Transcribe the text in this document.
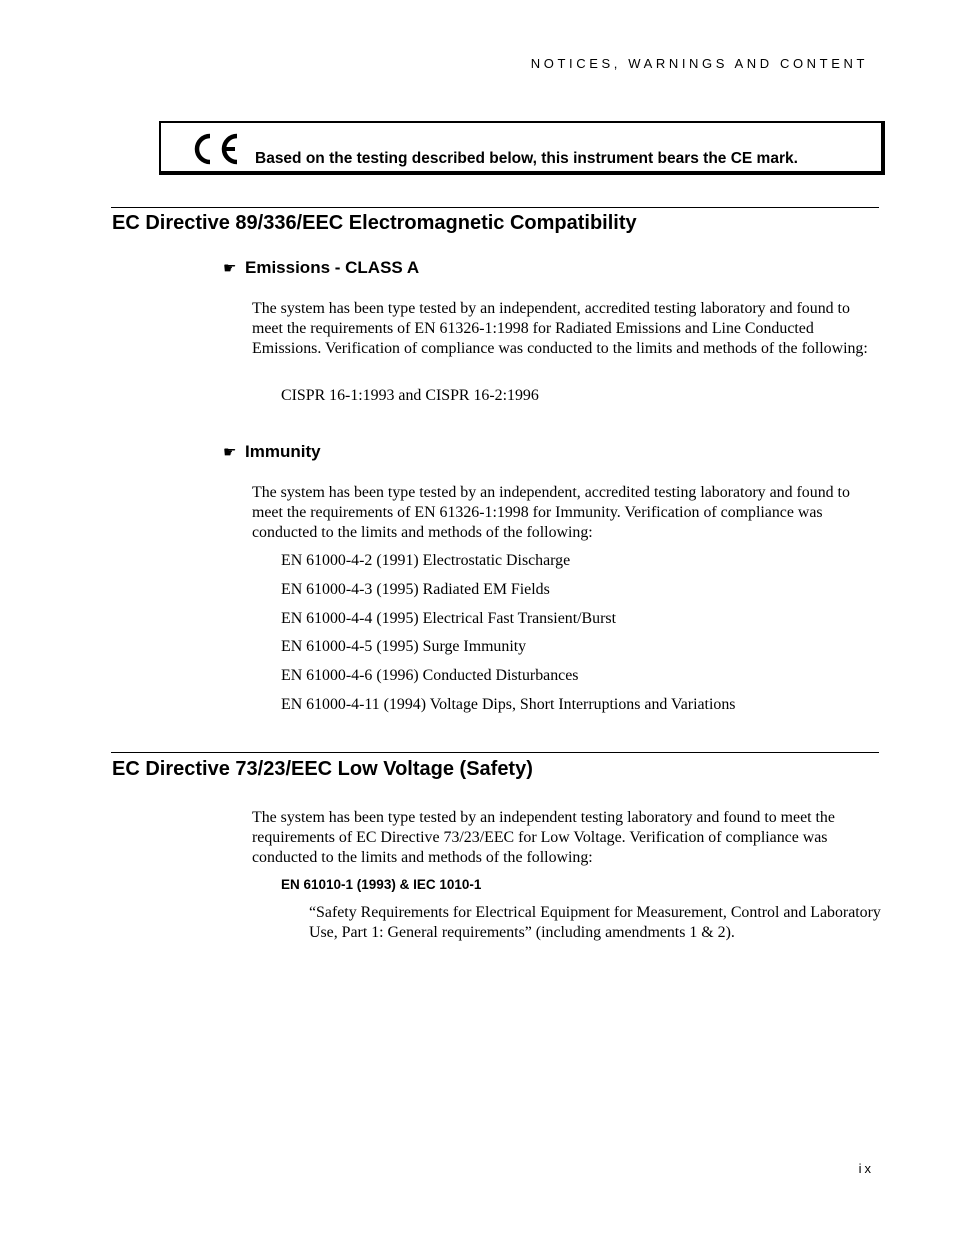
NOTICES, WARNINGS AND CONTENT
Based on the testing described below, this instrument bears the CE mark.
EC Directive 89/336/EEC Electromagnetic Compatibility
☛ Emissions - CLASS A

The system has been type tested by an independent, accredited testing laboratory and found to meet the requirements of EN 61326-1:1998 for Radiated Emissions and Line Conducted Emissions. Verification of compliance was conducted to the limits and methods of the following:

CISPR 16-1:1993 and CISPR 16-2:1996

☛ Immunity

The system has been type tested by an independent, accredited testing laboratory and found to meet the requirements of EN 61326-1:1998 for Immunity. Verification of compliance was conducted to the limits and methods of the following:

EN 61000-4-2 (1991) Electrostatic Discharge
EN 61000-4-3 (1995) Radiated EM Fields
EN 61000-4-4 (1995) Electrical Fast Transient/Burst
EN 61000-4-5 (1995) Surge Immunity
EN 61000-4-6 (1996) Conducted Disturbances
EN 61000-4-11 (1994) Voltage Dips, Short Interruptions and Variations
EC Directive 73/23/EEC Low Voltage (Safety)

The system has been type tested by an independent testing laboratory and found to meet the requirements of EC Directive 73/23/EEC for Low Voltage. Verification of compliance was conducted to the limits and methods of the following:

EN 61010-1 (1993) & IEC 1010-1

“Safety Requirements for Electrical Equipment for Measurement, Control and Laboratory Use, Part 1: General requirements” (including amendments 1 & 2).

ix
